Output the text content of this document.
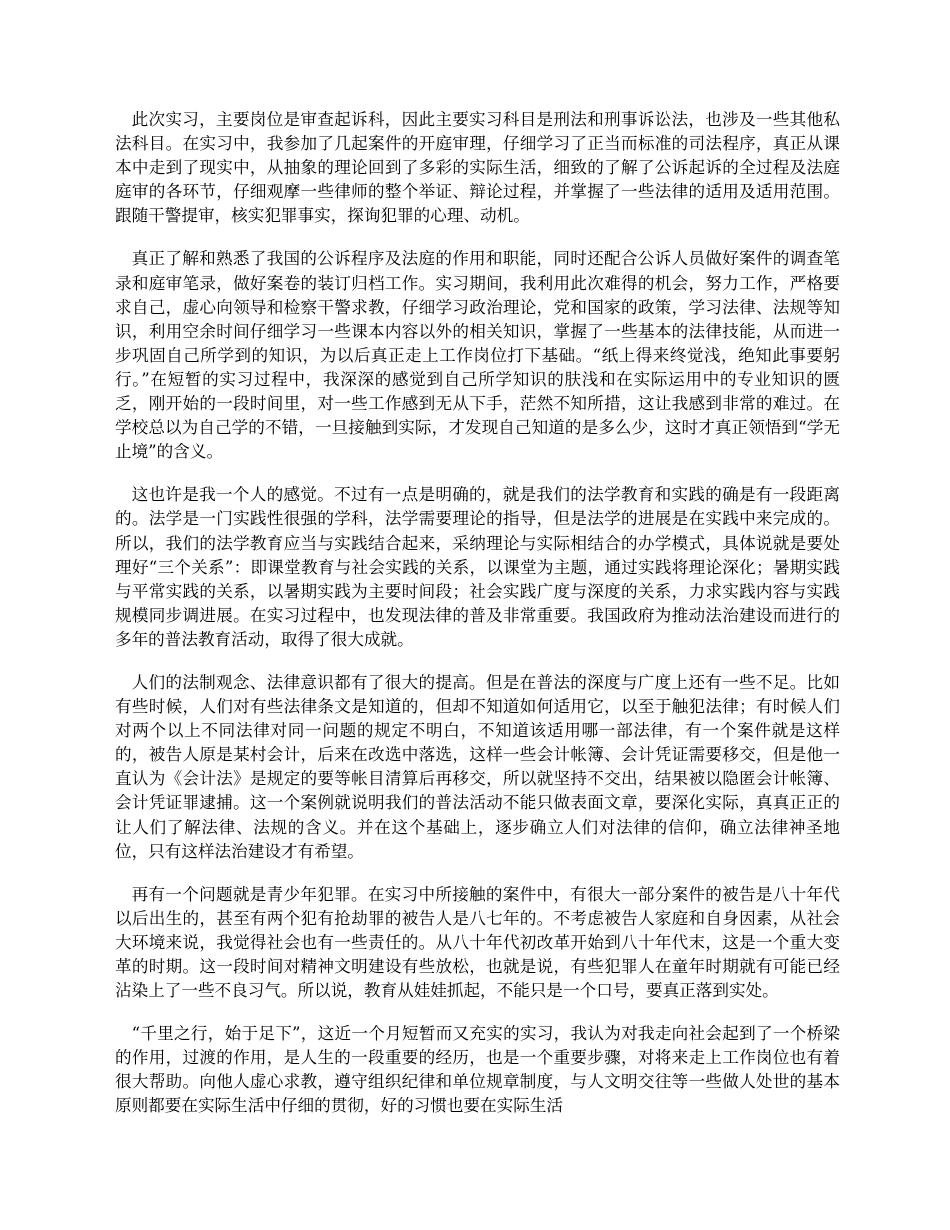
此次实习，主要岗位是审查起诉科，因此主要实习科目是刑法和刑事诉讼法，也涉及一些其他私法科目。在实习中，我参加了几起案件的开庭审理，仔细学习了正当而标准的司法程序，真正从课本中走到了现实中，从抽象的理论回到了多彩的实际生活，细致的了解了公诉起诉的全过程及法庭庭审的各环节，仔细观摩一些律师的整个举证、辩论过程，并掌握了一些法律的适用及适用范围。跟随干警提审，核实犯罪事实，探询犯罪的心理、动机。

真正了解和熟悉了我国的公诉程序及法庭的作用和职能，同时还配合公诉人员做好案件的调查笔录和庭审笔录，做好案卷的装订归档工作。实习期间，我利用此次难得的机会，努力工作，严格要求自己，虚心向领导和检察干警求教，仔细学习政治理论，党和国家的政策，学习法律、法规等知识，利用空余时间仔细学习一些课本内容以外的相关知识，掌握了一些基本的法律技能，从而进一步巩固自己所学到的知识，为以后真正走上工作岗位打下基础。“纸上得来终觉浅，绝知此事要躬行。”在短暂的实习过程中，我深深的感觉到自己所学知识的肤浅和在实际运用中的专业知识的匮乏，刚开始的一段时间里，对一些工作感到无从下手，茫然不知所措，这让我感到非常的难过。在学校总以为自己学的不错，一旦接触到实际，才发现自己知道的是多么少，这时才真正领悟到“学无止境”的含义。

这也许是我一个人的感觉。不过有一点是明确的，就是我们的法学教育和实践的确是有一段距离的。法学是一门实践性很强的学科，法学需要理论的指导，但是法学的进展是在实践中来完成的。所以，我们的法学教育应当与实践结合起来，采纳理论与实际相结合的办学模式，具体说就是要处理好“三个关系”：即课堂教育与社会实践的关系，以课堂为主题，通过实践将理论深化；暑期实践与平常实践的关系，以暑期实践为主要时间段；社会实践广度与深度的关系，力求实践内容与实践规模同步调进展。在实习过程中，也发现法律的普及非常重要。我国政府为推动法治建设而进行的多年的普法教育活动，取得了很大成就。

人们的法制观念、法律意识都有了很大的提高。但是在普法的深度与广度上还有一些不足。比如有些时候，人们对有些法律条文是知道的，但却不知道如何适用它，以至于触犯法律；有时候人们对两个以上不同法律对同一问题的规定不明白，不知道该适用哪一部法律，有一个案件就是这样的，被告人原是某村会计，后来在改选中落选，这样一些会计帐簿、会计凭证需要移交，但是他一直认为《会计法》是规定的要等帐目清算后再移交，所以就坚持不交出，结果被以隐匿会计帐簿、会计凭证罪逮捕。这一个案例就说明我们的普法活动不能只做表面文章，要深化实际，真真正正的让人们了解法律、法规的含义。并在这个基础上，逐步确立人们对法律的信仰，确立法律神圣地位，只有这样法治建设才有希望。

再有一个问题就是青少年犯罪。在实习中所接触的案件中，有很大一部分案件的被告是八十年代以后出生的，甚至有两个犯有抢劫罪的被告人是八七年的。不考虑被告人家庭和自身因素，从社会大环境来说，我觉得社会也有一些责任的。从八十年代初改革开始到八十年代末，这是一个重大变革的时期。这一段时间对精神文明建设有些放松，也就是说，有些犯罪人在童年时期就有可能已经沾染上了一些不良习气。所以说，教育从娃娃抓起，不能只是一个口号，要真正落到实处。

“千里之行，始于足下”，这近一个月短暂而又充实的实习，我认为对我走向社会起到了一个桥梁的作用，过渡的作用，是人生的一段重要的经历，也是一个重要步骤，对将来走上工作岗位也有着很大帮助。向他人虚心求教，遵守组织纪律和单位规章制度，与人文明交往等一些做人处世的基本原则都要在实际生活中仔细的贯彻，好的习惯也要在实际生活
